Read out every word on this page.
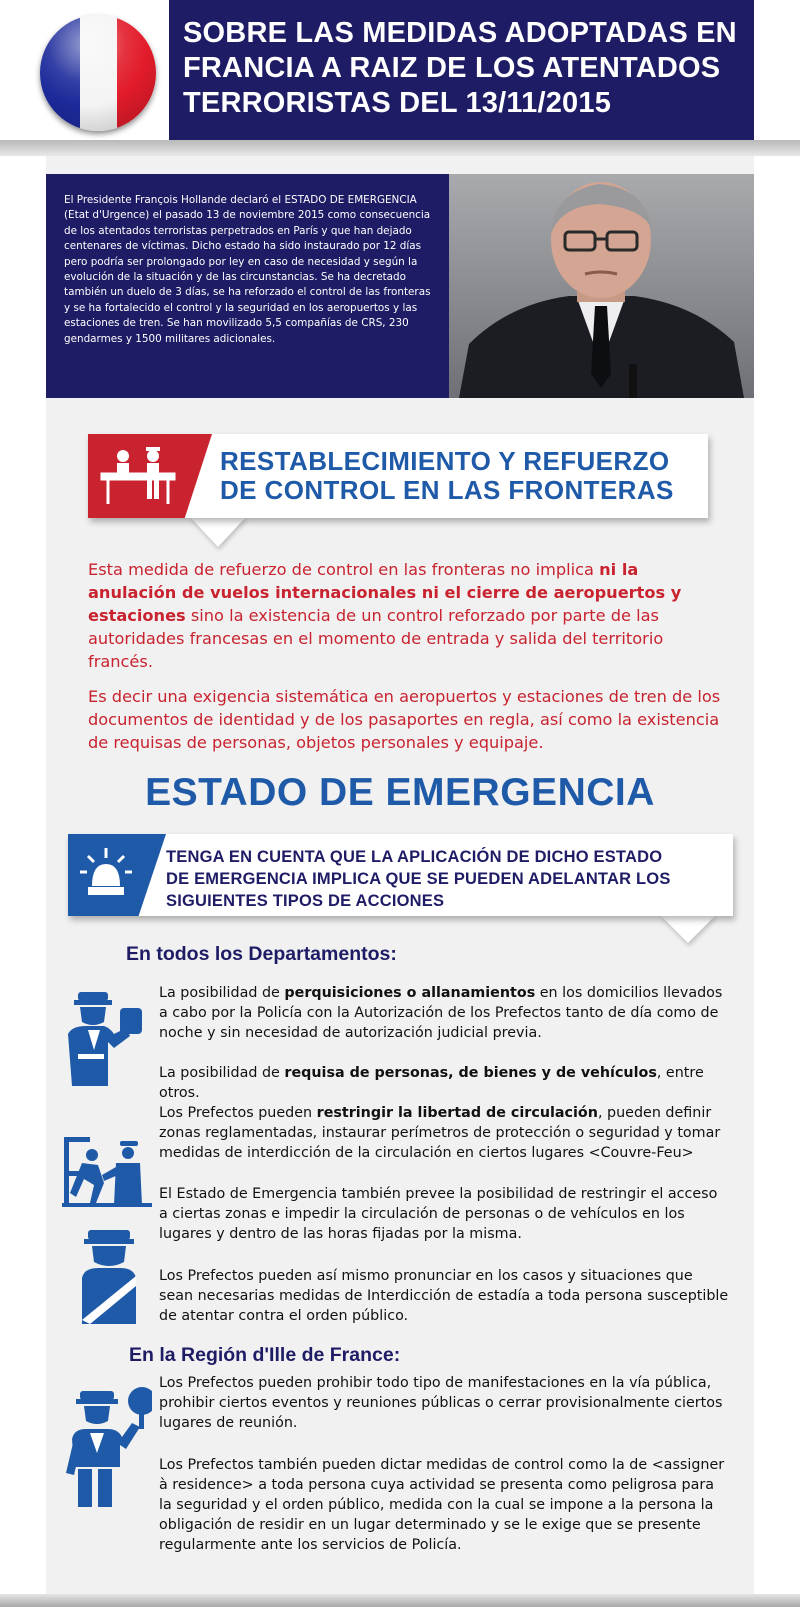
SOBRE LAS MEDIDAS ADOPTADAS EN
FRANCIA A RAIZ DE LOS ATENTADOS
TERRORISTAS DEL 13/11/2015

El Presidente François Hollande declaró el ESTADO DE EMERGENCIA (Etat d'Urgence) el pasado 13 de noviembre 2015 como consecuencia de los atentados terroristas perpetrados en París y que han dejado centenares de víctimas. Dicho estado ha sido instaurado por 12 días pero podría ser prolongado por ley en caso de necesidad y según la evolución de la situación y de las circunstancias. Se ha decretado también un duelo de 3 días, se ha reforzado el control de las fronteras y se ha fortalecido el control y la seguridad en los aeropuertos y las estaciones de tren. Se han movilizado 5,5 compañías de CRS, 230 gendarmes y 1500 militares adicionales.

RESTABLECIMIENTO Y REFUERZO
DE CONTROL EN LAS FRONTERAS
Esta medida de refuerzo de control en las fronteras no implica ni la anulación de vuelos internacionales ni el cierre de aeropuertos y estaciones sino la existencia de un control reforzado por parte de las autoridades francesas en el momento de entrada y salida del territorio francés.
Es decir una exigencia sistemática en aeropuertos y estaciones de tren de los documentos de identidad y de los pasaportes en regla, así como la existencia de requisas de personas, objetos personales y equipaje.
ESTADO DE EMERGENCIA
TENGA EN CUENTA QUE LA APLICACIÓN DE DICHO ESTADO
DE EMERGENCIA IMPLICA QUE SE PUEDEN ADELANTAR LOS
SIGUIENTES TIPOS DE ACCIONES
En todos los Departamentos:
La posibilidad de perquisiciones o allanamientos en los domicilios llevados a cabo por la Policía con la Autorización de los Prefectos tanto de día como de noche y sin necesidad de autorización judicial previa.
La posibilidad de requisa de personas, de bienes y de vehículos, entre otros.
Los Prefectos pueden restringir la libertad de circulación, pueden definir zonas reglamentadas, instaurar perímetros de protección o seguridad y tomar medidas de interdicción de la circulación en ciertos lugares <Couvre-Feu>
El Estado de Emergencia también prevee la posibilidad de restringir el acceso a ciertas zonas e impedir la circulación de personas o de vehículos en los lugares y dentro de las horas fijadas por la misma.
Los Prefectos pueden así mismo pronunciar en los casos y situaciones que sean necesarias medidas de Interdicción de estadía a toda persona susceptible de atentar contra el orden público.
En la Región d'Ille de France:
Los Prefectos pueden prohibir todo tipo de manifestaciones en la vía pública, prohibir ciertos eventos y reuniones públicas o cerrar provisionalmente ciertos lugares de reunión.
Los Prefectos también pueden dictar medidas de control como la de <assigner à residence> a toda persona cuya actividad se presenta como peligrosa para la seguridad y el orden público, medida con la cual se impone a la persona la obligación de residir en un lugar determinado y se le exige que se presente regularmente ante los servicios de Policía.
